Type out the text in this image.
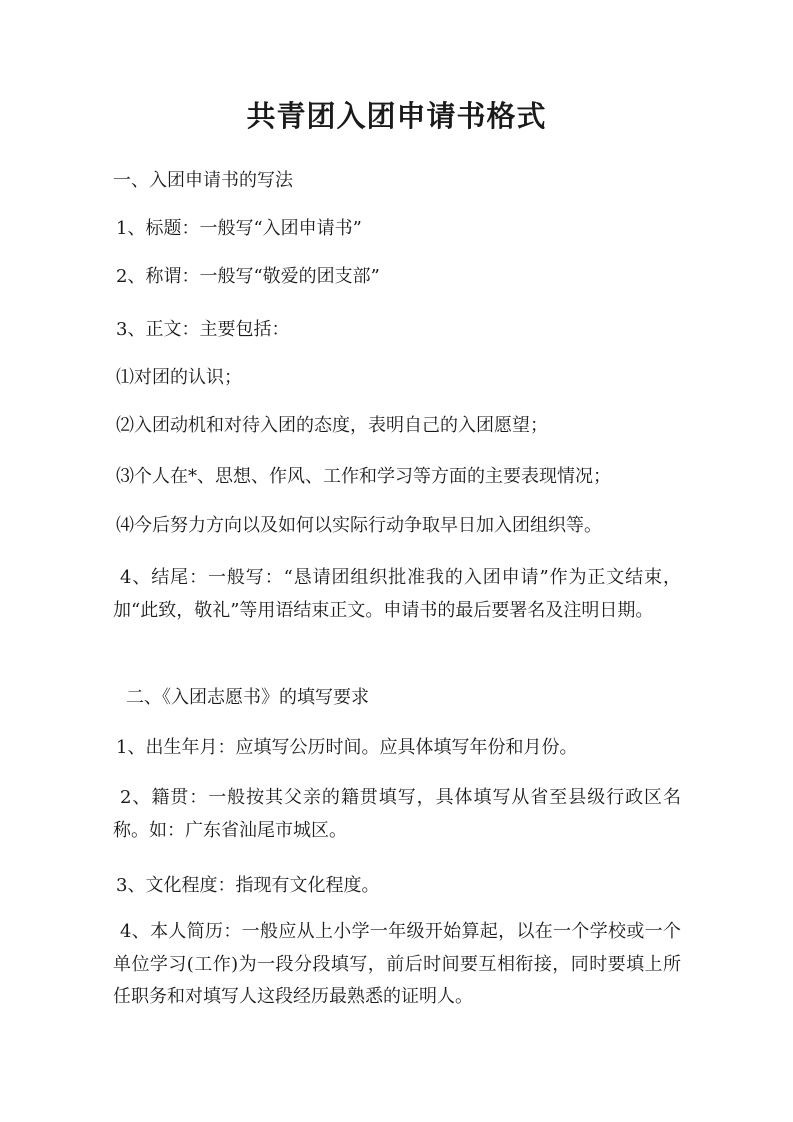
共青团入团申请书格式

一、入团申请书的写法

1、标题：一般写“入团申请书”

2、称谓：一般写“敬爱的团支部”

3、正文：主要包括：

⑴对团的认识；

⑵入团动机和对待入团的态度，表明自己的入团愿望；

⑶个人在*、思想、作风、工作和学习等方面的主要表现情况；

⑷今后努力方向以及如何以实际行动争取早日加入团组织等。

4、结尾：一般写：“恳请团组织批准我的入团申请”作为正文结束，加“此致，敬礼”等用语结束正文。申请书的最后要署名及注明日期。

二、《入团志愿书》的填写要求

1、出生年月：应填写公历时间。应具体填写年份和月份。

2、籍贯：一般按其父亲的籍贯填写，具体填写从省至县级行政区名称。如：广东省汕尾市城区。

3、文化程度：指现有文化程度。

4、本人简历：一般应从上小学一年级开始算起，以在一个学校或一个单位学习(工作)为一段分段填写，前后时间要互相衔接，同时要填上所任职务和对填写人这段经历最熟悉的证明人。
